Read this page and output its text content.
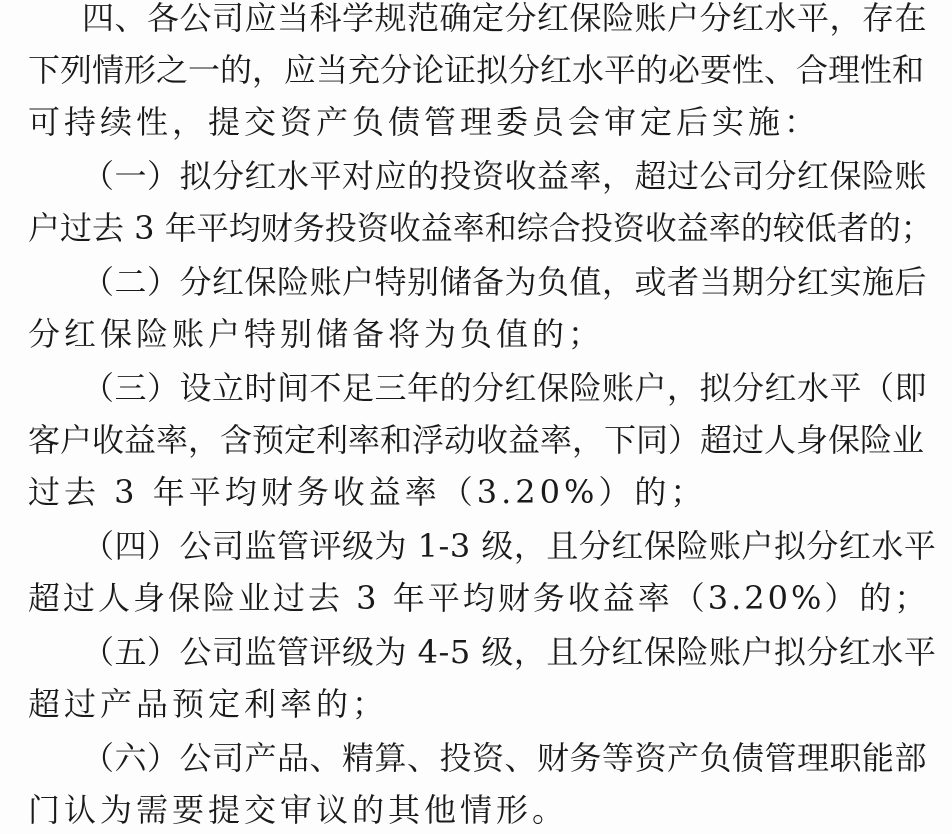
四、各公司应当科学规范确定分红保险账户分红水平，存在
下列情形之一的，应当充分论证拟分红水平的必要性、合理性和
可持续性，提交资产负债管理委员会审定后实施：
（一）拟分红水平对应的投资收益率，超过公司分红保险账
户过去 3 年平均财务投资收益率和综合投资收益率的较低者的；
（二）分红保险账户特别储备为负值，或者当期分红实施后
分红保险账户特别储备将为负值的；
（三）设立时间不足三年的分红保险账户，拟分红水平（即
客户收益率，含预定利率和浮动收益率，下同）超过人身保险业
过去 3 年平均财务收益率（3.20%）的；
（四）公司监管评级为 1-3 级，且分红保险账户拟分红水平
超过人身保险业过去 3 年平均财务收益率（3.20%）的；
（五）公司监管评级为 4-5 级，且分红保险账户拟分红水平
超过产品预定利率的；
（六）公司产品、精算、投资、财务等资产负债管理职能部
门认为需要提交审议的其他情形。
